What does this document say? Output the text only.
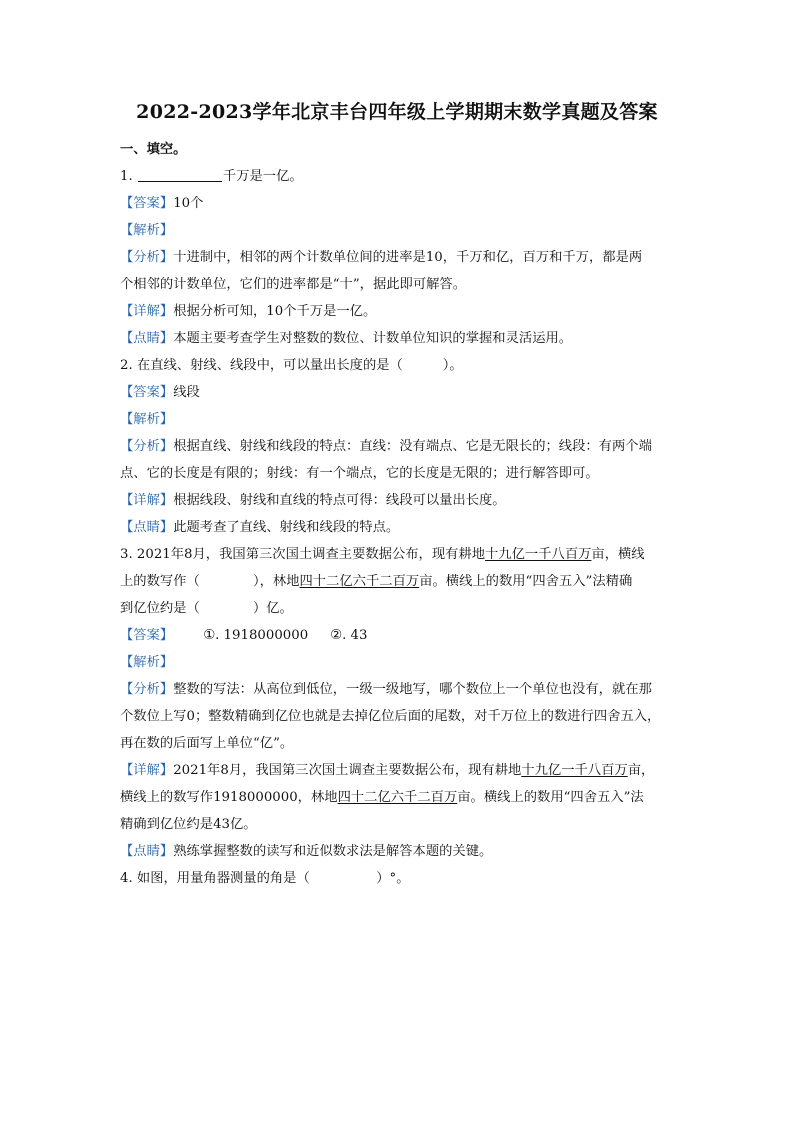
2022-2023学年北京丰台四年级上学期期末数学真题及答案
一、填空。
1.	千万是一亿。
【答案】10个
【解析】
【分析】十进制中，相邻的两个计数单位间的进率是10，千万和亿，百万和千万，都是两
个相邻的计数单位，它们的进率都是“十”，据此即可解答。
【详解】根据分析可知，10个千万是一亿。
【点睛】本题主要考查学生对整数的数位、计数单位知识的掌握和灵活运用。
2. 在直线、射线、线段中，可以量出长度的是（　　　）。
【答案】线段
【解析】
【分析】根据直线、射线和线段的特点：直线：没有端点、它是无限长的；线段：有两个端
点、它的长度是有限的；射线：有一个端点，它的长度是无限的；进行解答即可。
【详解】根据线段、射线和直线的特点可得：线段可以量出长度。
【点睛】此题考查了直线、射线和线段的特点。
3. 2021年8月，我国第三次国土调查主要数据公布，现有耕地十九亿一千八百万亩，横线
上的数写作（　　　　），林地四十二亿六千二百万亩。横线上的数用“四舍五入”法精确
到亿位约是（　　　　）亿。
【答案】 ①. 1918000000 ②. 43
【解析】
【分析】整数的写法：从高位到低位，一级一级地写，哪个数位上一个单位也没有，就在那
个数位上写0；整数精确到亿位也就是去掉亿位后面的尾数，对千万位上的数进行四舍五入，
再在数的后面写上单位“亿”。
【详解】2021年8月，我国第三次国土调查主要数据公布，现有耕地十九亿一千八百万亩，
横线上的数写作1918000000，林地四十二亿六千二百万亩。横线上的数用“四舍五入”法
精确到亿位约是43亿。
【点睛】熟练掌握整数的读写和近似数求法是解答本题的关键。
4. 如图，用量角器测量的角是（　　　　　）°。
